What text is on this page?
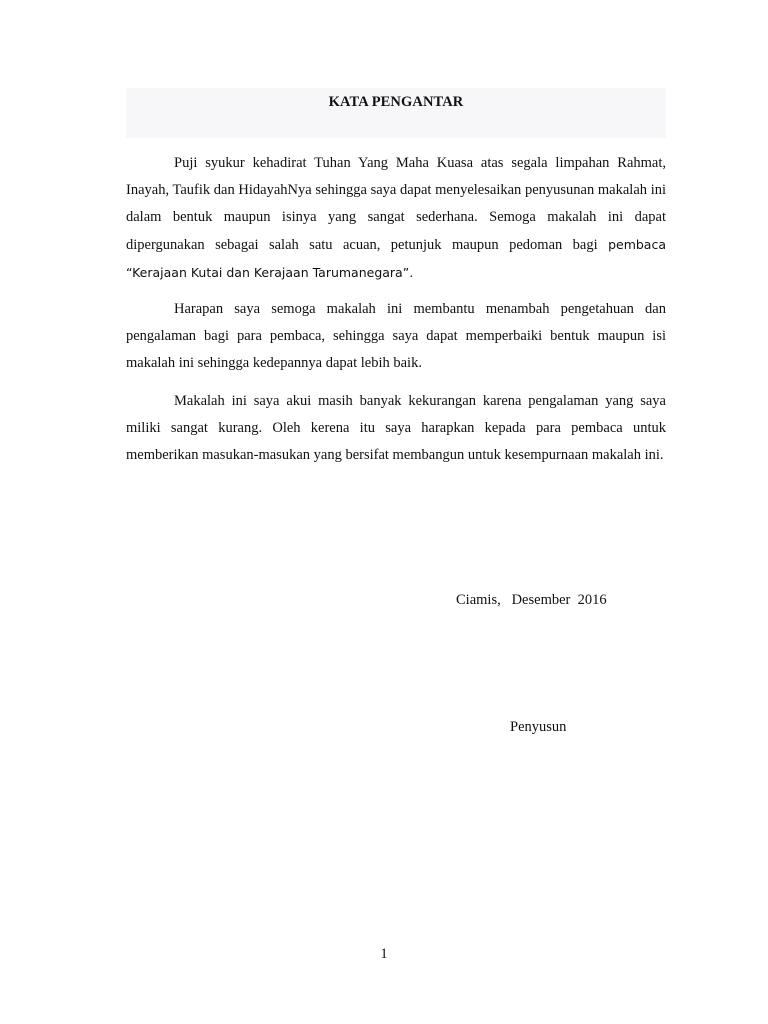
KATA PENGANTAR

Puji syukur kehadirat Tuhan Yang Maha Kuasa atas segala limpahan Rahmat, Inayah, Taufik dan HidayahNya sehingga saya dapat menyelesaikan penyusunan makalah ini dalam bentuk maupun isinya yang sangat sederhana. Semoga makalah ini dapat dipergunakan sebagai salah satu acuan, petunjuk maupun pedoman bagi pembaca “Kerajaan Kutai dan Kerajaan Tarumanegara”.

Harapan saya semoga makalah ini membantu menambah pengetahuan dan pengalaman bagi para pembaca, sehingga saya dapat memperbaiki bentuk maupun isi makalah ini sehingga kedepannya dapat lebih baik.

Makalah ini saya akui masih banyak kekurangan karena pengalaman yang saya miliki sangat kurang. Oleh kerena itu saya harapkan kepada para pembaca untuk memberikan masukan-masukan yang bersifat membangun untuk kesempurnaan makalah ini.

Ciamis,   Desember  2016
Penyusun
1
